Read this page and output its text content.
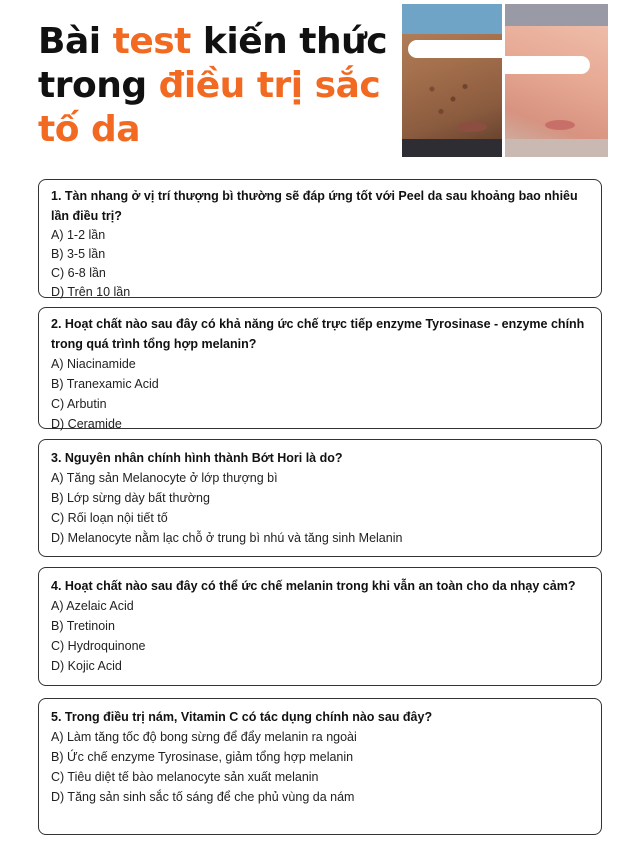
Bài test kiến thức trong điều trị sắc tố da
1. Tàn nhang ở vị trí thượng bì thường sẽ đáp ứng tốt với Peel da sau khoảng bao nhiêu lần điều trị?
A) 1-2 lần
B) 3-5 lần
C) 6-8 lần
D) Trên 10 lần
2. Hoạt chất nào sau đây có khả năng ức chế trực tiếp enzyme Tyrosinase - enzyme chính trong quá trình tổng hợp melanin?
A) Niacinamide
B) Tranexamic Acid
C) Arbutin
D) Ceramide
3. Nguyên nhân chính hình thành Bớt Hori là do?
A) Tăng sản Melanocyte ở lớp thượng bì
B) Lớp sừng dày bất thường
C) Rối loạn nội tiết tố
D) Melanocyte nằm lạc chỗ ở trung bì nhú và tăng sinh Melanin
4. Hoạt chất nào sau đây có thể ức chế melanin trong khi vẫn an toàn cho da nhạy cảm?
A) Azelaic Acid
B) Tretinoin
C) Hydroquinone
D) Kojic Acid
5. Trong điều trị nám, Vitamin C có tác dụng chính nào sau đây?
A) Làm tăng tốc độ bong sừng để đẩy melanin ra ngoài
B) Ức chế enzyme Tyrosinase, giảm tổng hợp melanin
C) Tiêu diệt tế bào melanocyte sản xuất melanin
D) Tăng sản sinh sắc tố sáng để che phủ vùng da nám
